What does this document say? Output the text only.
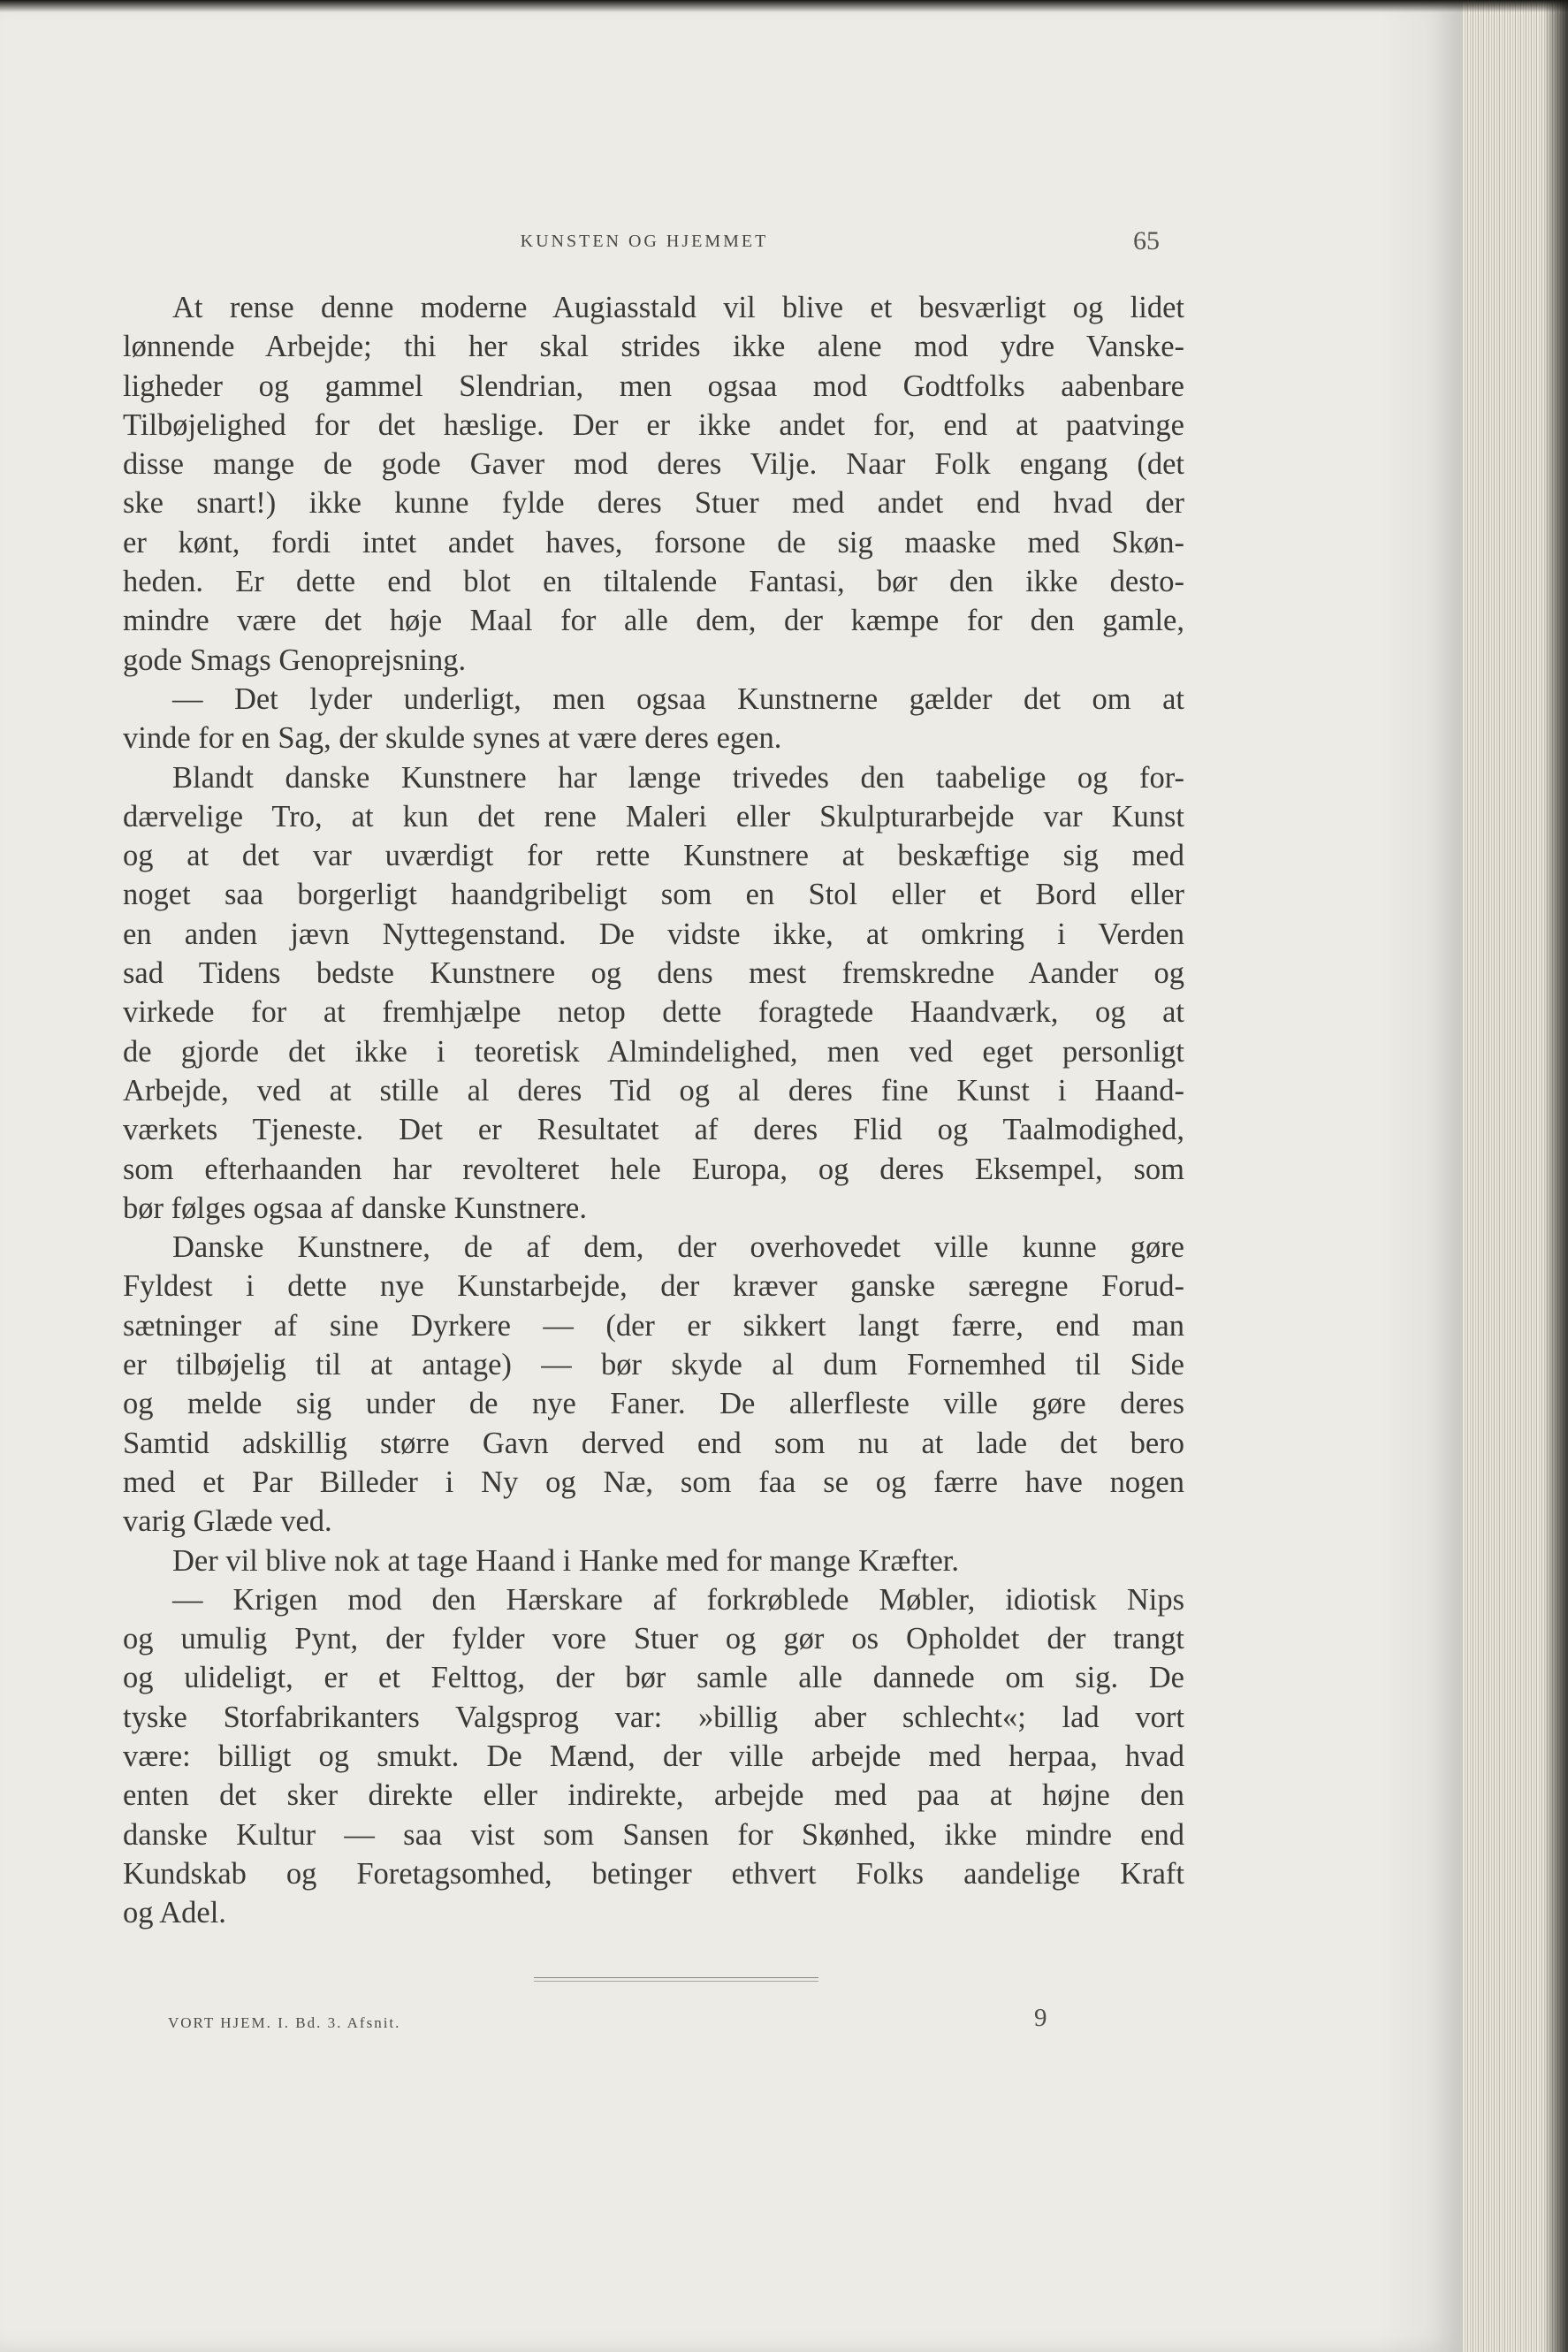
KUNSTEN OG HJEMMET	65
At rense denne moderne Augiasstald vil blive et besværligt og lidet
lønnende Arbejde; thi her skal strides ikke alene mod ydre Vanske-
ligheder og gammel Slendrian, men ogsaa mod Godtfolks aabenbare
Tilbøjelighed for det hæslige. Der er ikke andet for, end at paatvinge
disse mange de gode Gaver mod deres Vilje. Naar Folk engang (det
ske snart!) ikke kunne fylde deres Stuer med andet end hvad der
er kønt, fordi intet andet haves, forsone de sig maaske med Skøn-
heden. Er dette end blot en tiltalende Fantasi, bør den ikke desto-
mindre være det høje Maal for alle dem, der kæmpe for den gamle,
gode Smags Genoprejsning.
— Det lyder underligt, men ogsaa Kunstnerne gælder det om at
vinde for en Sag, der skulde synes at være deres egen.
Blandt danske Kunstnere har længe trivedes den taabelige og for-
dærvelige Tro, at kun det rene Maleri eller Skulpturarbejde var Kunst
og at det var uværdigt for rette Kunstnere at beskæftige sig med
noget saa borgerligt haandgribeligt som en Stol eller et Bord eller
en anden jævn Nyttegenstand. De vidste ikke, at omkring i Verden
sad Tidens bedste Kunstnere og dens mest fremskredne Aander og
virkede for at fremhjælpe netop dette foragtede Haandværk, og at
de gjorde det ikke i teoretisk Almindelighed, men ved eget personligt
Arbejde, ved at stille al deres Tid og al deres fine Kunst i Haand-
værkets Tjeneste. Det er Resultatet af deres Flid og Taalmodighed,
som efterhaanden har revolteret hele Europa, og deres Eksempel, som
bør følges ogsaa af danske Kunstnere.
Danske Kunstnere, de af dem, der overhovedet ville kunne gøre
Fyldest i dette nye Kunstarbejde, der kræver ganske særegne Forud-
sætninger af sine Dyrkere — (der er sikkert langt færre, end man
er tilbøjelig til at antage) — bør skyde al dum Fornemhed til Side
og melde sig under de nye Faner. De allerfleste ville gøre deres
Samtid adskillig større Gavn derved end som nu at lade det bero
med et Par Billeder i Ny og Næ, som faa se og færre have nogen
varig Glæde ved.
Der vil blive nok at tage Haand i Hanke med for mange Kræfter.
— Krigen mod den Hærskare af forkrøblede Møbler, idiotisk Nips
og umulig Pynt, der fylder vore Stuer og gør os Opholdet der trangt
og ulideligt, er et Felttog, der bør samle alle dannede om sig. De
tyske Storfabrikanters Valgsprog var: »billig aber schlecht«; lad vort
være: billigt og smukt. De Mænd, der ville arbejde med herpaa, hvad
enten det sker direkte eller indirekte, arbejde med paa at højne den
danske Kultur — saa vist som Sansen for Skønhed, ikke mindre end
Kundskab og Foretagsomhed, betinger ethvert Folks aandelige Kraft
og Adel.
VORT HJEM. I. Bd. 3. Afsnit.	9
